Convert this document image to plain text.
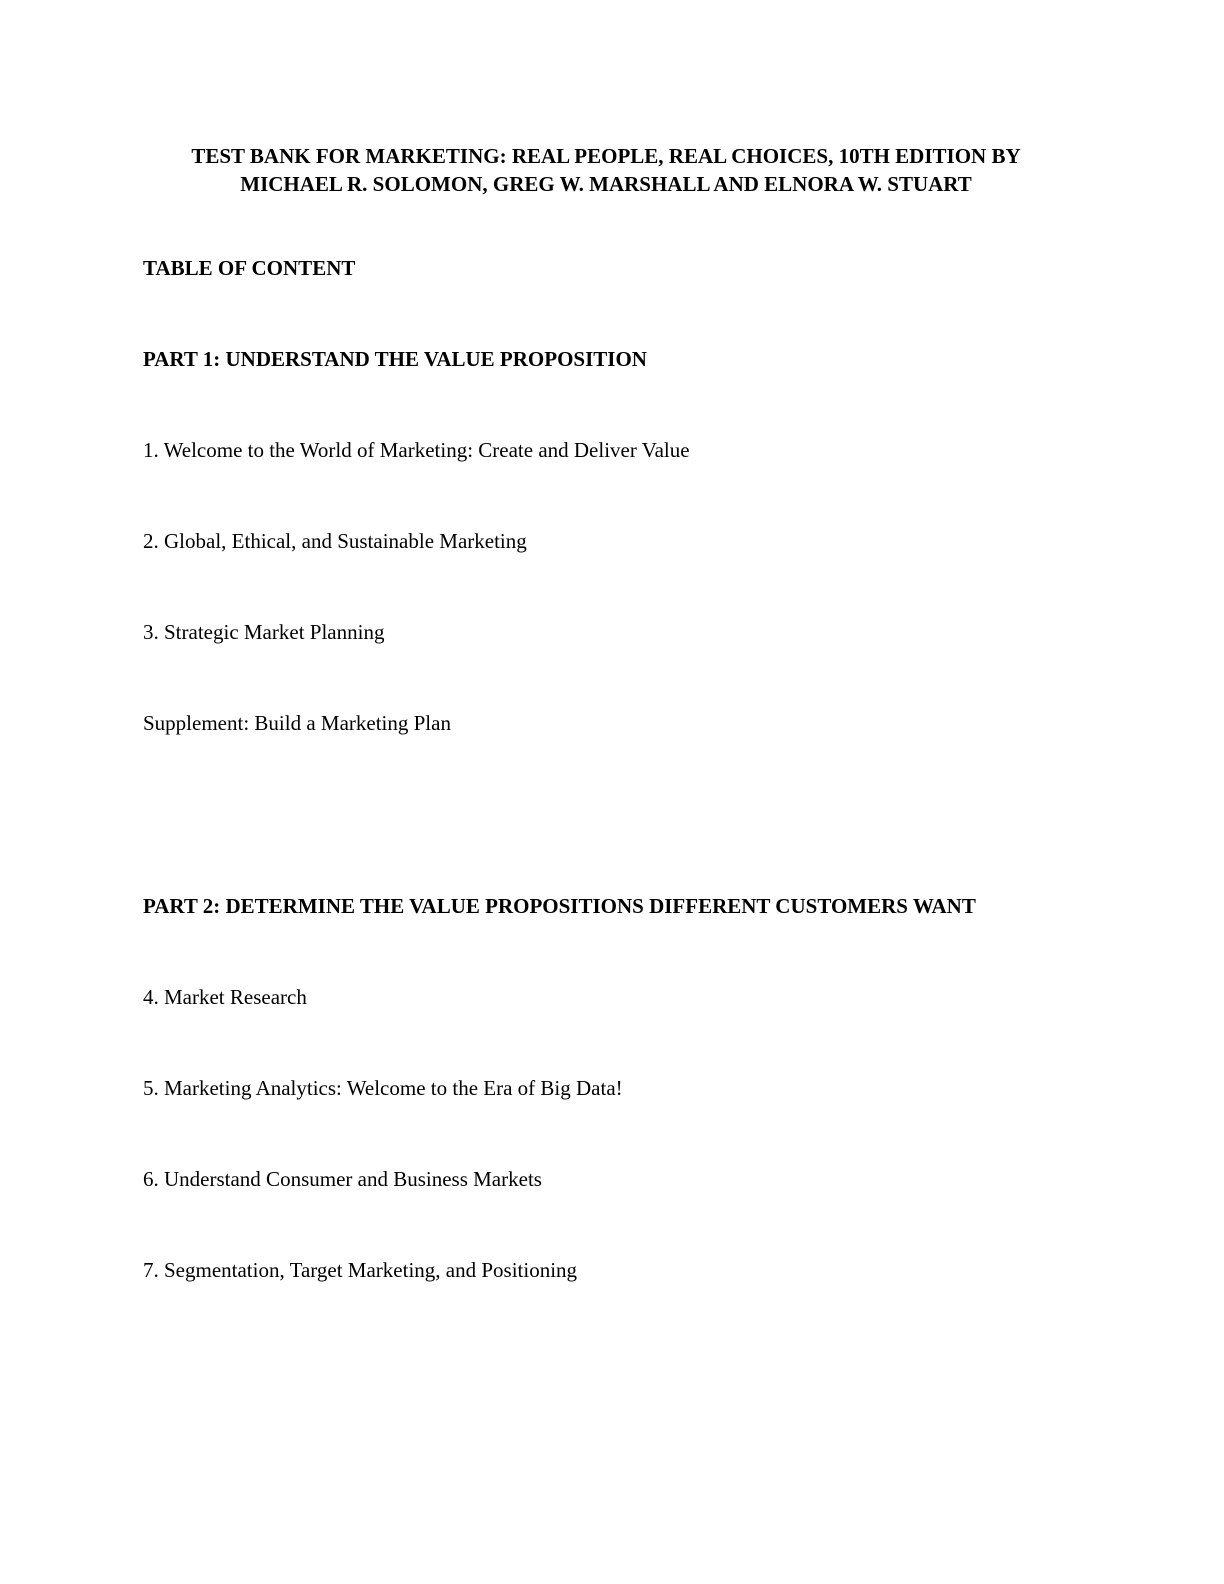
TEST BANK FOR MARKETING: REAL PEOPLE, REAL CHOICES, 10TH EDITION BY
MICHAEL R. SOLOMON, GREG W. MARSHALL AND ELNORA W. STUART
TABLE OF CONTENT
PART 1: UNDERSTAND THE VALUE PROPOSITION
1. Welcome to the World of Marketing: Create and Deliver Value
2. Global, Ethical, and Sustainable Marketing
3. Strategic Market Planning
Supplement: Build a Marketing Plan
PART 2: DETERMINE THE VALUE PROPOSITIONS DIFFERENT CUSTOMERS WANT
4. Market Research
5. Marketing Analytics: Welcome to the Era of Big Data!
6. Understand Consumer and Business Markets
7. Segmentation, Target Marketing, and Positioning
